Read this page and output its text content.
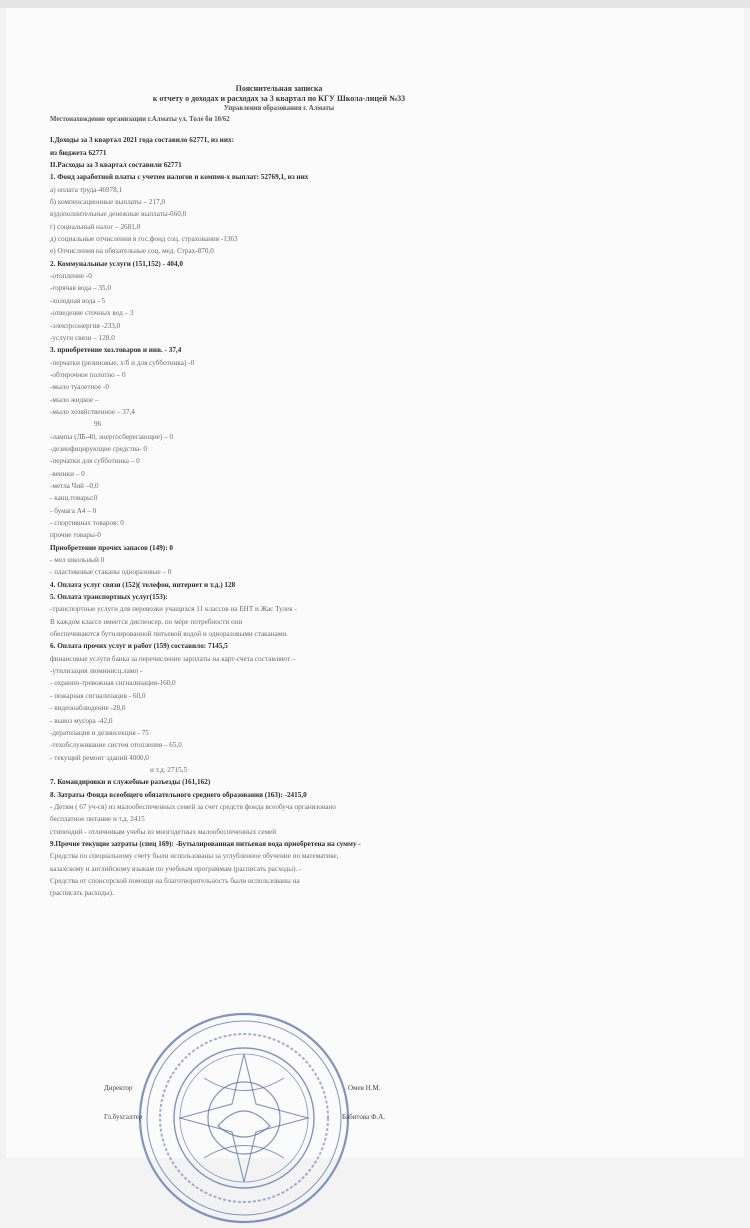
Пояснительная записка
к отчету о доходах и расходах за 3 квартал по КГУ Школа-лицей №33
Управления образования г. Алматы
Местонахождение организации г.Алматы ул. Толе би 10/62
I.Доходы за 3 квартал 2021 года составило 62771, из них:
из бюджета 62771
II.Расходы за 3 квартал составили 62771
1. Фонд заработной платы с учетом налогов и компен-х выплат: 52769,1, из них
а) оплата труда-46978,1
б) компенсационные выплаты – 217,0
в)дополнительные денежные выплаты-660,0
г) социальный налог – 2681,0
д) социальные отчисления в гос.фонд соц. страхования -1363
е) Отчисления на обязательные соц. мед. Страх-870,0
2. Коммунальные услуги (151,152) - 404,0
-отопление -0
-горячая вода – 35,0
-холодная вода - 5
-отведение сточных вод – 3
-электроэнергия -233,0
-услуги связи – 128,0
3. приобретение хоз.товаров и инв. - 37,4
-перчатки (резиновые, х/б и для субботника) -0
-обтирочное полотно – 0
-мыло туалетное -0
-мыло жидкое –
-мыло хозяйственное – 37,4
96
-лампы (ЛБ-40, энергосберегающие) – 0
-дезинфицирующие средства- 0
-перчатки для субботника – 0
-веники – 0
-метла Чий –0,0
- канц.товары:0
- бумага А4 – 0
- спортивных товаров: 0
прочие товары-0
Приобретение прочих запасов (149): 0
- мел школьный 0
- пластиковые стаканы одноразовые – 0
4. Оплата услуг связи (152)( телефон, интернет и т.д.) 128
5. Оплата транспортных услуг(153):
-транспортные услуги для перевозки учащихся 11 классов на ЕНТ и Жас Тулек -
В каждом классе имеется диспенсер, по мере потребности они
обеспечиваются бутилированной питьевой водой и одноразовыми стаканами.
6. Оплата прочих услуг и работ (159) составило: 7145,5
финансовые услуги банка за перечисление зарплаты на карт-счета составляют –
-утилизация люминисц.ламп -
- охранно-тревожная сигнализация-160,0
- пожарная сигнализация - 60,0
- видеонаблюдение -28,0
- вывоз мусора -42,0
-дератизация и дезинсекция - 75
-техобслуживание систем отопления – 65,0
- текущий ремонт зданий 4000,0
и т.д. 2715,5
7. Командировки и служебные разъезды (161,162)
8. Затраты Фонда всеобщего обязательного среднего образования (163): -2415,0
- Детям ( 67 уч-ся) из малообеспеченных семей за счет средств фонда всеобуча организовано
бесплатное питание и т.д. 2415
стипендий - отличникам учебы из многодетных малообеспеченных семей
9.Прочие текущие затраты (спец 169): -Бутылированная питьевая вода приобретена на сумму -
Средства по специальному счету были использованы за углубленное обучение по математике,
казахскому и английскому языкам по учебным программам (расписать расходы). -
Средства от спонсорской помощи на благотворительность были использованы на
(расписать расходы).
Директор	Омев Н.М.
Гл.бухгалтер	Бабитова Ф.А.
